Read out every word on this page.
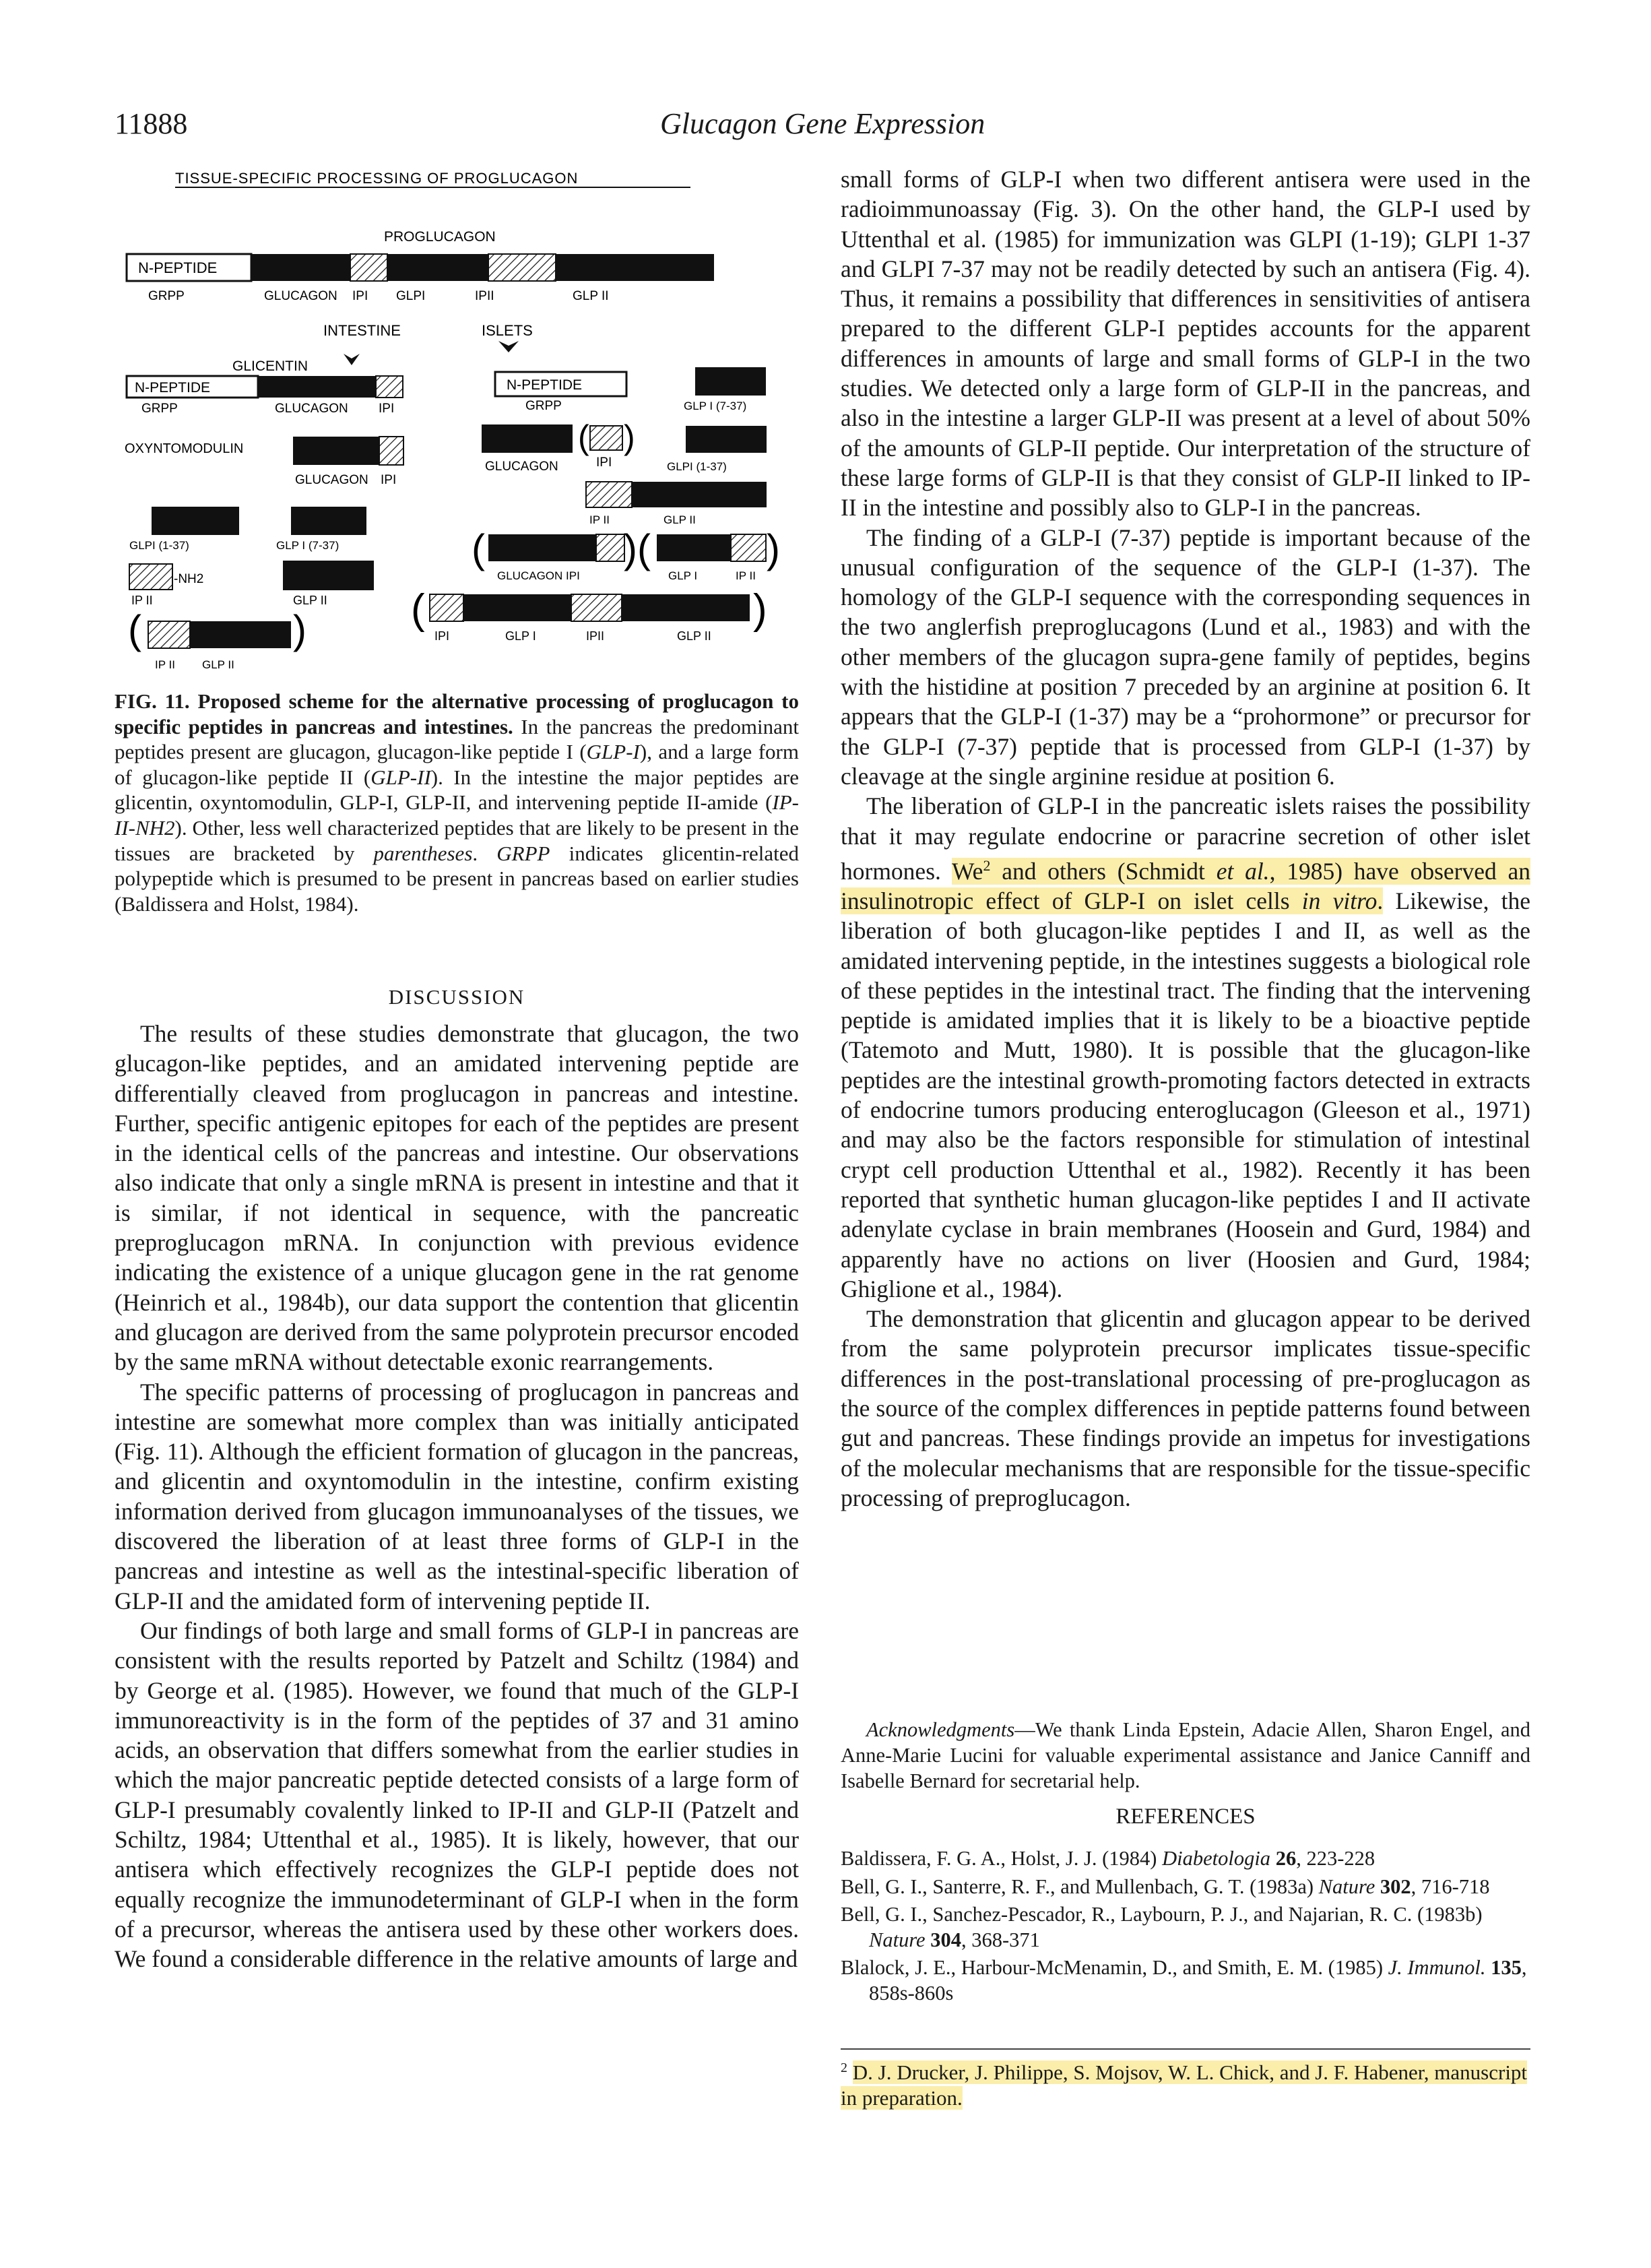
11888	Glucagon Gene Expression
TISSUE-SPECIFIC PROCESSING OF PROGLUCAGON
PROGLUCAGON
N-PEPTIDE
GRPP	GLUCAGON IPI GLPI	IPII	GLP II
INTESTINE	ISLETS
GLICENTIN
N-PEPTIDE
GRPP	GLUCAGON IPI
OXYNTOMODULIN
GLUCAGON IPI
GLPI (1-37)	GLP I (7-37)
-NH2
IP II	GLP II
(	)
IP II GLP II
N-PEPTIDE
GRPP	GLP I (7-37)
( )
GLUCAGON	IPI	GLPI (1-37)
IP II	GLP II
(	)(	)
GLUCAGON IPI	GLP I	IP II
(	)
IPI	GLP I	IPII	GLP II
FIG. 11. Proposed scheme for the alternative processing of proglucagon to specific peptides in pancreas and intestines. In the pancreas the predominant peptides present are glucagon, glucagon-like peptide I (GLP-I), and a large form of glucagon-like peptide II (GLP-II). In the intestine the major peptides are glicentin, oxyntomodulin, GLP-I, GLP-II, and intervening peptide II-amide (IP-II-NH2). Other, less well characterized peptides that are likely to be present in the tissues are bracketed by parentheses. GRPP indicates glicentin-related polypeptide which is presumed to be present in pancreas based on earlier studies (Baldissera and Holst, 1984).
DISCUSSION

The results of these studies demonstrate that glucagon, the two glucagon-like peptides, and an amidated intervening peptide are differentially cleaved from proglucagon in pancreas and intestine. Further, specific antigenic epitopes for each of the peptides are present in the identical cells of the pancreas and intestine. Our observations also indicate that only a single mRNA is present in intestine and that it is similar, if not identical in sequence, with the pancreatic preproglucagon mRNA. In conjunction with previous evidence indicating the existence of a unique glucagon gene in the rat genome (Heinrich et al., 1984b), our data support the contention that glicentin and glucagon are derived from the same polyprotein precursor encoded by the same mRNA without detectable exonic rearrangements.

The specific patterns of processing of proglucagon in pancreas and intestine are somewhat more complex than was initially anticipated (Fig. 11). Although the efficient formation of glucagon in the pancreas, and glicentin and oxyntomodulin in the intestine, confirm existing information derived from glucagon immunoanalyses of the tissues, we discovered the liberation of at least three forms of GLP-I in the pancreas and intestine as well as the intestinal-specific liberation of GLP-II and the amidated form of intervening peptide II.

Our findings of both large and small forms of GLP-I in pancreas are consistent with the results reported by Patzelt and Schiltz (1984) and by George et al. (1985). However, we found that much of the GLP-I immunoreactivity is in the form of the peptides of 37 and 31 amino acids, an observation that differs somewhat from the earlier studies in which the major pancreatic peptide detected consists of a large form of GLP-I presumably covalently linked to IP-II and GLP-II (Patzelt and Schiltz, 1984; Uttenthal et al., 1985). It is likely, however, that our antisera which effectively recognizes the GLP-I peptide does not equally recognize the immunodeterminant of GLP-I when in the form of a precursor, whereas the antisera used by these other workers does. We found a considerable difference in the relative amounts of large and

small forms of GLP-I when two different antisera were used in the radioimmunoassay (Fig. 3). On the other hand, the GLP-I used by Uttenthal et al. (1985) for immunization was GLPI (1-19); GLPI 1-37 and GLPI 7-37 may not be readily detected by such an antisera (Fig. 4). Thus, it remains a possibility that differences in sensitivities of antisera prepared to the different GLP-I peptides accounts for the apparent differences in amounts of large and small forms of GLP-I in the two studies. We detected only a large form of GLP-II in the pancreas, and also in the intestine a larger GLP-II was present at a level of about 50% of the amounts of GLP-II peptide. Our interpretation of the structure of these large forms of GLP-II is that they consist of GLP-II linked to IP-II in the intestine and possibly also to GLP-I in the pancreas.

The finding of a GLP-I (7-37) peptide is important because of the unusual configuration of the sequence of the GLP-I (1-37). The homology of the GLP-I sequence with the corresponding sequences in the two anglerfish preproglucagons (Lund et al., 1983) and with the other members of the glucagon supra-gene family of peptides, begins with the histidine at position 7 preceded by an arginine at position 6. It appears that the GLP-I (1-37) may be a “prohormone” or precursor for the GLP-I (7-37) peptide that is processed from GLP-I (1-37) by cleavage at the single arginine residue at position 6.

The liberation of GLP-I in the pancreatic islets raises the possibility that it may regulate endocrine or paracrine secretion of other islet hormones. We$^2$ and others (Schmidt et al., 1985) have observed an insulinotropic effect of GLP-I on islet cells in vitro. Likewise, the liberation of both glucagon-like peptides I and II, as well as the amidated intervening peptide, in the intestines suggests a biological role of these peptides in the intestinal tract. The finding that the intervening peptide is amidated implies that it is likely to be a bioactive peptide (Tatemoto and Mutt, 1980). It is possible that the glucagon-like peptides are the intestinal growth-promoting factors detected in extracts of endocrine tumors producing enteroglucagon (Gleeson et al., 1971) and may also be the factors responsible for stimulation of intestinal crypt cell production Uttenthal et al., 1982). Recently it has been reported that synthetic human glucagon-like peptides I and II activate adenylate cyclase in brain membranes (Hoosein and Gurd, 1984) and apparently have no actions on liver (Hoosien and Gurd, 1984; Ghiglione et al., 1984).

The demonstration that glicentin and glucagon appear to be derived from the same polyprotein precursor implicates tissue-specific differences in the post-translational processing of pre-proglucagon as the source of the complex differences in peptide patterns found between gut and pancreas. These findings provide an impetus for investigations of the molecular mechanisms that are responsible for the tissue-specific processing of preproglucagon.

Acknowledgments—We thank Linda Epstein, Adacie Allen, Sharon Engel, and Anne-Marie Lucini for valuable experimental assistance and Janice Canniff and Isabelle Bernard for secretarial help.
REFERENCES
Baldissera, F. G. A., Holst, J. J. (1984) Diabetologia 26, 223-228
Bell, G. I., Santerre, R. F., and Mullenbach, G. T. (1983a) Nature 302, 716-718
Bell, G. I., Sanchez-Pescador, R., Laybourn, P. J., and Najarian, R. C. (1983b) Nature 304, 368-371
Blalock, J. E., Harbour-McMenamin, D., and Smith, E. M. (1985) J. Immunol. 135, 858s-860s
$^2$ D. J. Drucker, J. Philippe, S. Mojsov, W. L. Chick, and J. F. Habener, manuscript in preparation.
